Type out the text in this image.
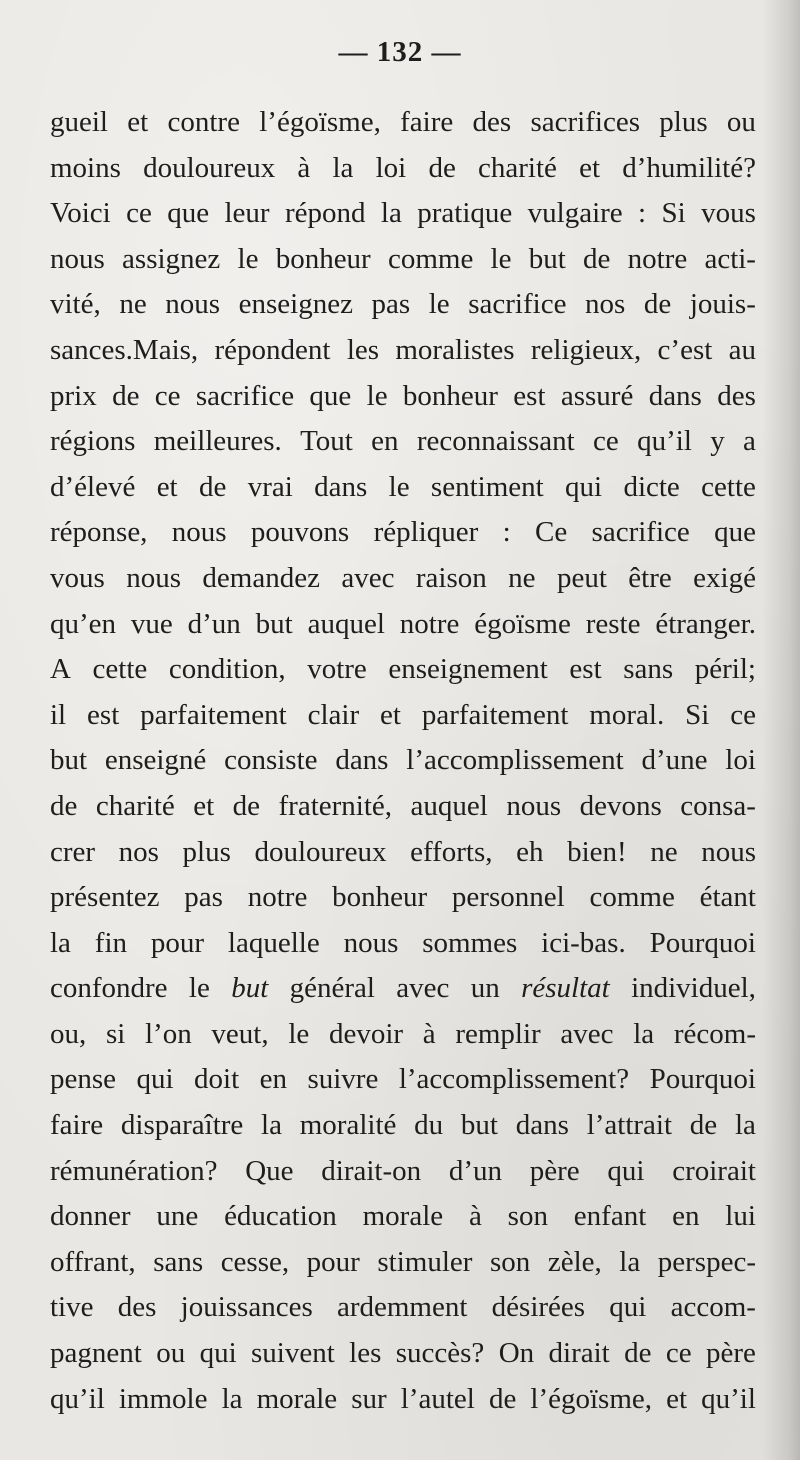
— 132 —
gueil et contre l’égoïsme, faire des sacrifices plus ou
moins douloureux à la loi de charité et d’humilité?
Voici ce que leur répond la pratique vulgaire : Si vous
nous assignez le bonheur comme le but de notre acti-
vité, ne nous enseignez pas le sacrifice nos de jouis-
sances.Mais, répondent les moralistes religieux, c’est au
prix de ce sacrifice que le bonheur est assuré dans des
régions meilleures. Tout en reconnaissant ce qu’il y a
d’élevé et de vrai dans le sentiment qui dicte cette
réponse, nous pouvons répliquer : Ce sacrifice que
vous nous demandez avec raison ne peut être exigé
qu’en vue d’un but auquel notre égoïsme reste étranger.
A cette condition, votre enseignement est sans péril;
il est parfaitement clair et parfaitement moral. Si ce
but enseigné consiste dans l’accomplissement d’une loi
de charité et de fraternité, auquel nous devons consa-
crer nos plus douloureux efforts, eh bien! ne nous
présentez pas notre bonheur personnel comme étant
la fin pour laquelle nous sommes ici-bas. Pourquoi
confondre le but général avec un résultat individuel,
ou, si l’on veut, le devoir à remplir avec la récom-
pense qui doit en suivre l’accomplissement? Pourquoi
faire disparaître la moralité du but dans l’attrait de la
rémunération? Que dirait-on d’un père qui croirait
donner une éducation morale à son enfant en lui
offrant, sans cesse, pour stimuler son zèle, la perspec-
tive des jouissances ardemment désirées qui accom-
pagnent ou qui suivent les succès? On dirait de ce père
qu’il immole la morale sur l’autel de l’égoïsme, et qu’il
